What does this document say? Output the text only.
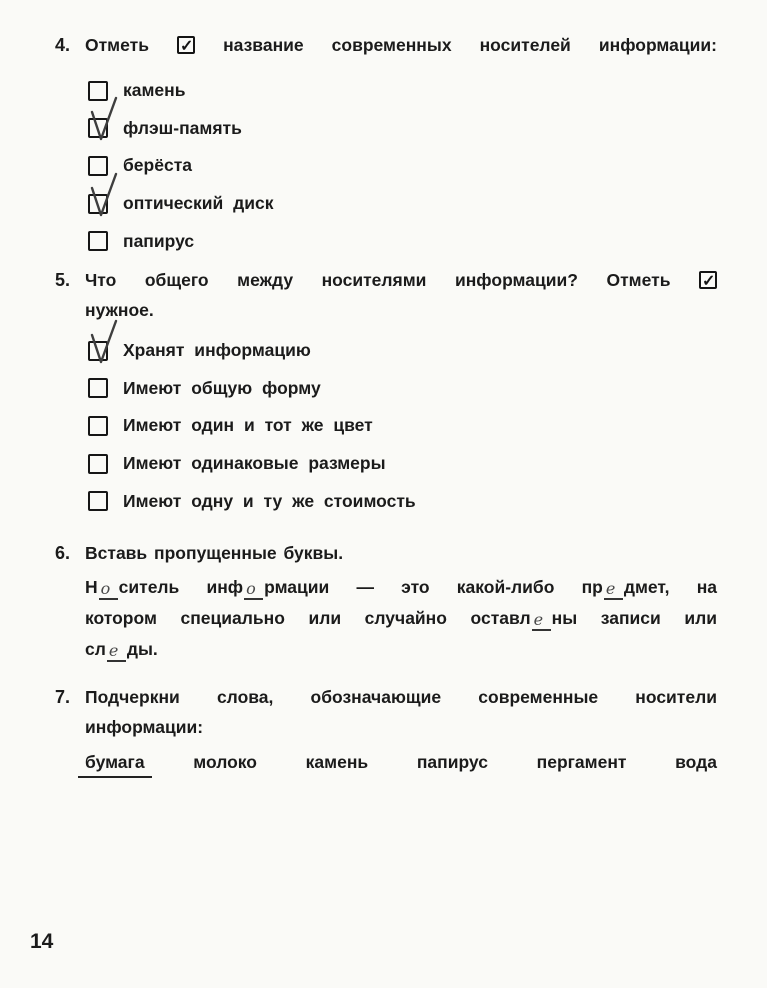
4. Отметь ✓	название современных носителей информации:
камень
флэш-память
берёста
оптический диск
папирус
5. Что общего между носителями информации? Отметь ✓
нужное.
Хранят информацию
Имеют общую форму
Имеют один и тот же цвет
Имеют одинаковые размеры
Имеют одну и ту же стоимость
6. Вставь пропущенные буквы.
Н о ситель инф о рмации — это какой-либо пр е дмет, на
котором специально или случайно оставл е ны записи или
сл е ды.
7. Подчеркни слова, обозначающие современные носители
информации:
бумага	молоко	камень	папирус	пергамент	вода
14
